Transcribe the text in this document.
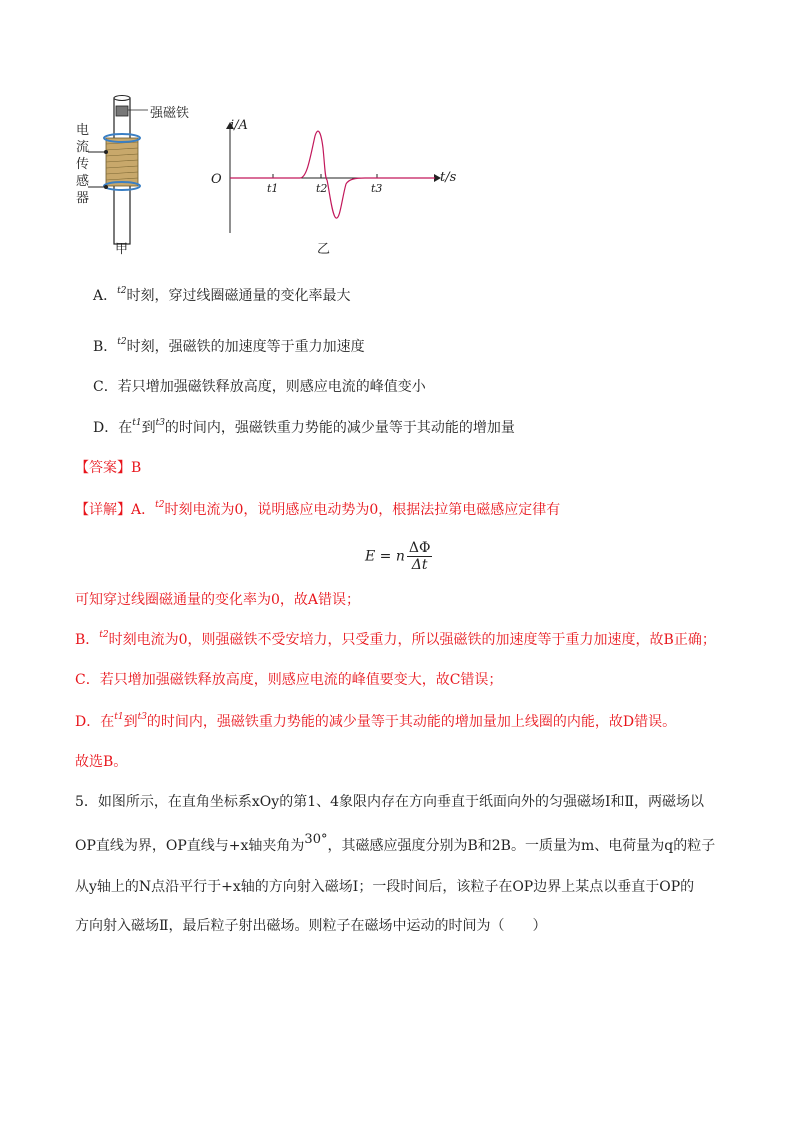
强磁铁
电
流
传
感
器
甲
i/A
O	t/s
t1	t2	t3
乙
A．$^{t2}$时刻，穿过线圈磁通量的变化率最大
B．$^{t2}$时刻，强磁铁的加速度等于重力加速度
C．若只增加强磁铁释放高度，则感应电流的峰值变小
D．在$^{t1}$到$^{t3}$的时间内，强磁铁重力势能的减少量等于其动能的增加量
【答案】B
【详解】A．$^{t2}$时刻电流为0，说明感应电动势为0，根据法拉第电磁感应定律有
E = n $\frac{\Delta\Phi}{\Delta t}$
可知穿过线圈磁通量的变化率为0，故A错误；
B．$^{t2}$时刻电流为0，则强磁铁不受安培力，只受重力，所以强磁铁的加速度等于重力加速度，故B正确；
C．若只增加强磁铁释放高度，则感应电流的峰值要变大，故C错误；
D．在$^{t1}$到$^{t3}$的时间内，强磁铁重力势能的减少量等于其动能的增加量加上线圈的内能，故D错误。
故选B。
5．如图所示，在直角坐标系xOy的第1、4象限内存在方向垂直于纸面向外的匀强磁场Ⅰ和Ⅱ，两磁场以
OP直线为界，OP直线与+x轴夹角为30°，其磁感应强度分别为B和2B。一质量为m、电荷量为q的粒子
从y轴上的N点沿平行于+x轴的方向射入磁场Ⅰ；一段时间后，该粒子在OP边界上某点以垂直于OP的
方向射入磁场Ⅱ，最后粒子射出磁场。则粒子在磁场中运动的时间为（　　）
